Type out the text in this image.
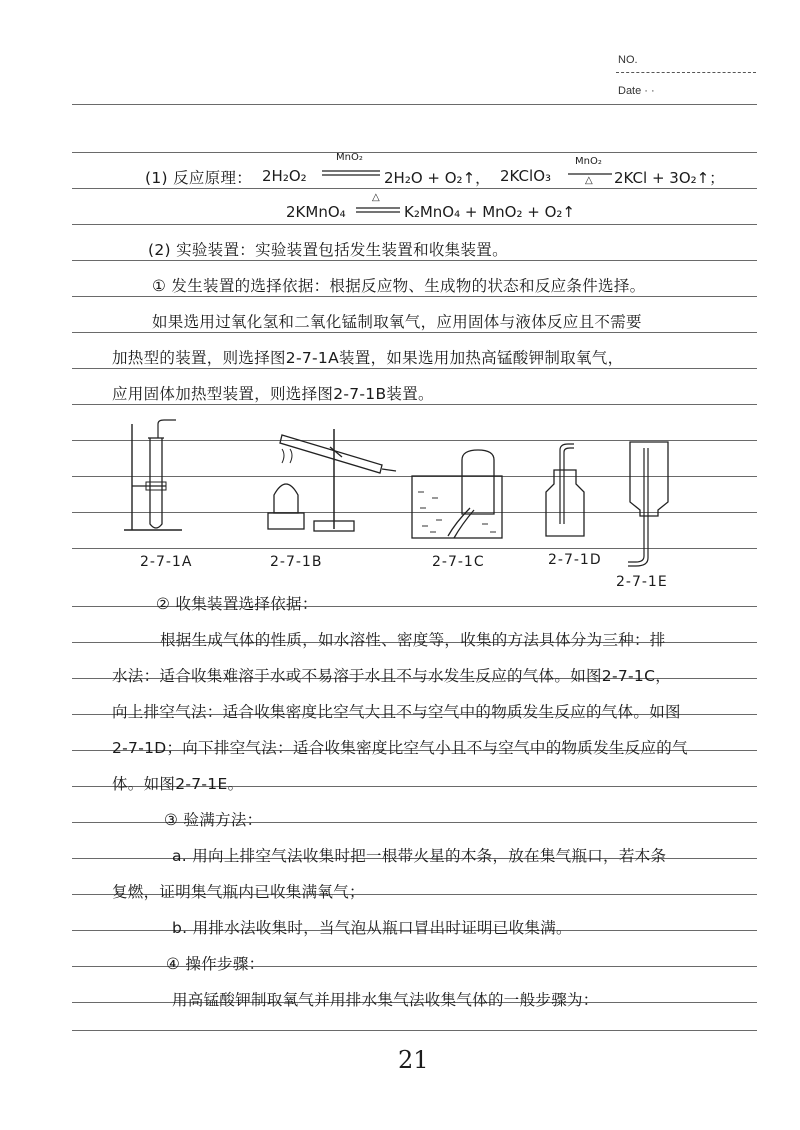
NO.
Date · ·
(1) 反应原理： 2H₂O₂
MnO₂
2H₂O + O₂↑， 2KClO₃
MnO₂
△ 2KCl + 3O₂↑；
2KMnO₄
△
K₂MnO₄ + MnO₂ + O₂↑
(2) 实验装置：实验装置包括发生装置和收集装置。
① 发生装置的选择依据：根据反应物、生成物的状态和反应条件选择。
如果选用过氧化氢和二氧化锰制取氧气，应用固体与液体反应且不需要
加热型的装置，则选择图2-7-1A装置，如果选用加热高锰酸钾制取氧气，
应用固体加热型装置，则选择图2-7-1B装置。
2-7-1A	2-7-1B	2-7-1C	2-7-1D
2-7-1E
② 收集装置选择依据：
根据生成气体的性质，如水溶性、密度等，收集的方法具体分为三种：排
水法：适合收集难溶于水或不易溶于水且不与水发生反应的气体。如图2-7-1C，
向上排空气法：适合收集密度比空气大且不与空气中的物质发生反应的气体。如图
2-7-1D；向下排空气法：适合收集密度比空气小且不与空气中的物质发生反应的气
体。如图2-7-1E。
③ 验满方法：
a. 用向上排空气法收集时把一根带火星的木条，放在集气瓶口，若木条
复燃，证明集气瓶内已收集满氧气；
b. 用排水法收集时，当气泡从瓶口冒出时证明已收集满。
④ 操作步骤：
用高锰酸钾制取氧气并用排水集气法收集气体的一般步骤为：
21
